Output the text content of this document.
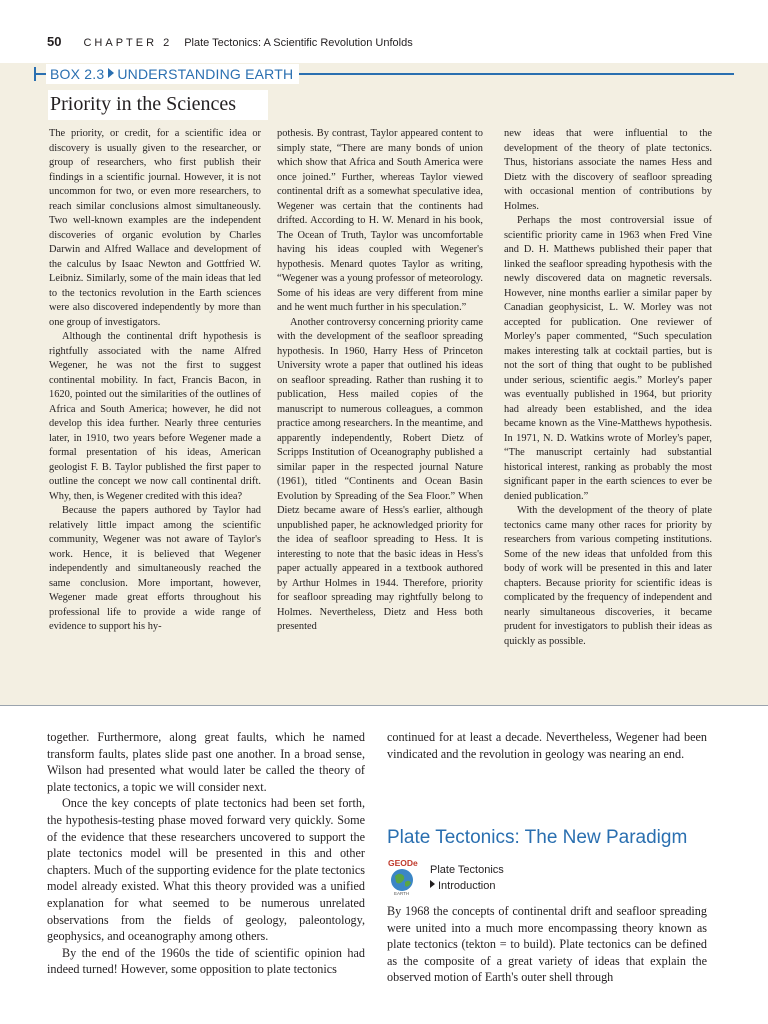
50 CHAPTER 2 Plate Tectonics: A Scientific Revolution Unfolds
BOX 2.3 UNDERSTANDING EARTH
Priority in the Sciences

The priority, or credit, for a scientific idea or discovery is usually given to the researcher, or group of researchers, who first publish their findings in a scientific journal. However, it is not uncommon for two, or even more researchers, to reach similar conclusions almost simultaneously. Two well-known examples are the independent discoveries of organic evolution by Charles Darwin and Alfred Wallace and development of the calculus by Isaac Newton and Gottfried W. Leibniz. Similarly, some of the main ideas that led to the tectonics revolution in the Earth sciences were also discovered independently by more than one group of investigators.

Although the continental drift hypothesis is rightfully associated with the name Alfred Wegener, he was not the first to suggest continental mobility. In fact, Francis Bacon, in 1620, pointed out the similarities of the outlines of Africa and South America; however, he did not develop this idea further. Nearly three centuries later, in 1910, two years before Wegener made a formal presentation of his ideas, American geologist F. B. Taylor published the first paper to outline the concept we now call continental drift. Why, then, is Wegener credited with this idea?

Because the papers authored by Taylor had relatively little impact among the scientific community, Wegener was not aware of Taylor's work. Hence, it is believed that Wegener independently and simultaneously reached the same conclusion. More important, however, Wegener made great efforts throughout his professional life to provide a wide range of evidence to support his hy-

pothesis. By contrast, Taylor appeared content to simply state, “There are many bonds of union which show that Africa and South America were once joined.” Further, whereas Taylor viewed continental drift as a somewhat speculative idea, Wegener was certain that the continents had drifted. According to H. W. Menard in his book, The Ocean of Truth, Taylor was uncomfortable having his ideas coupled with Wegener's hypothesis. Menard quotes Taylor as writing, “Wegener was a young professor of meteorology. Some of his ideas are very different from mine and he went much further in his speculation.”

Another controversy concerning priority came with the development of the seafloor spreading hypothesis. In 1960, Harry Hess of Princeton University wrote a paper that outlined his ideas on seafloor spreading. Rather than rushing it to publication, Hess mailed copies of the manuscript to numerous colleagues, a common practice among researchers. In the meantime, and apparently independently, Robert Dietz of Scripps Institution of Oceanography published a similar paper in the respected journal Nature (1961), titled “Continents and Ocean Basin Evolution by Spreading of the Sea Floor.” When Dietz became aware of Hess's earlier, although unpublished paper, he acknowledged priority for the idea of seafloor spreading to Hess. It is interesting to note that the basic ideas in Hess's paper actually appeared in a textbook authored by Arthur Holmes in 1944. Therefore, priority for seafloor spreading may rightfully belong to Holmes. Nevertheless, Dietz and Hess both presented

new ideas that were influential to the development of the theory of plate tectonics. Thus, historians associate the names Hess and Dietz with the discovery of seafloor spreading with occasional mention of contributions by Holmes.

Perhaps the most controversial issue of scientific priority came in 1963 when Fred Vine and D. H. Matthews published their paper that linked the seafloor spreading hypothesis with the newly discovered data on magnetic reversals. However, nine months earlier a similar paper by Canadian geophysicist, L. W. Morley was not accepted for publication. One reviewer of Morley's paper commented, “Such speculation makes interesting talk at cocktail parties, but is not the sort of thing that ought to be published under serious, scientific aegis.” Morley's paper was eventually published in 1964, but priority had already been established, and the idea became known as the Vine-Matthews hypothesis. In 1971, N. D. Watkins wrote of Morley's paper, “The manuscript certainly had substantial historical interest, ranking as probably the most significant paper in the earth sciences to ever be denied publication.”

With the development of the theory of plate tectonics came many other races for priority by researchers from various competing institutions. Some of the new ideas that unfolded from this body of work will be presented in this and later chapters. Because priority for scientific ideas is complicated by the frequency of independent and nearly simultaneous discoveries, it became prudent for investigators to publish their ideas as quickly as possible.

together. Furthermore, along great faults, which he named transform faults, plates slide past one another. In a broad sense, Wilson had presented what would later be called the theory of plate tectonics, a topic we will consider next.

Once the key concepts of plate tectonics had been set forth, the hypothesis-testing phase moved forward very quickly. Some of the evidence that these researchers uncovered to support the plate tectonics model will be presented in this and other chapters. Much of the supporting evidence for the plate tectonics model already existed. What this theory provided was a unified explanation for what seemed to be numerous unrelated observations from the fields of geology, paleontology, geophysics, and oceanography among others.

By the end of the 1960s the tide of scientific opinion had indeed turned! However, some opposition to plate tectonics

continued for at least a decade. Nevertheless, Wegener had been vindicated and the revolution in geology was nearing an end.

Plate Tectonics: The New Paradigm
GEODe
EARTH
Plate Tectonics
Introduction

By 1968 the concepts of continental drift and seafloor spreading were united into a much more encompassing theory known as plate tectonics (tekton = to build). Plate tectonics can be defined as the composite of a great variety of ideas that explain the observed motion of Earth's outer shell through
